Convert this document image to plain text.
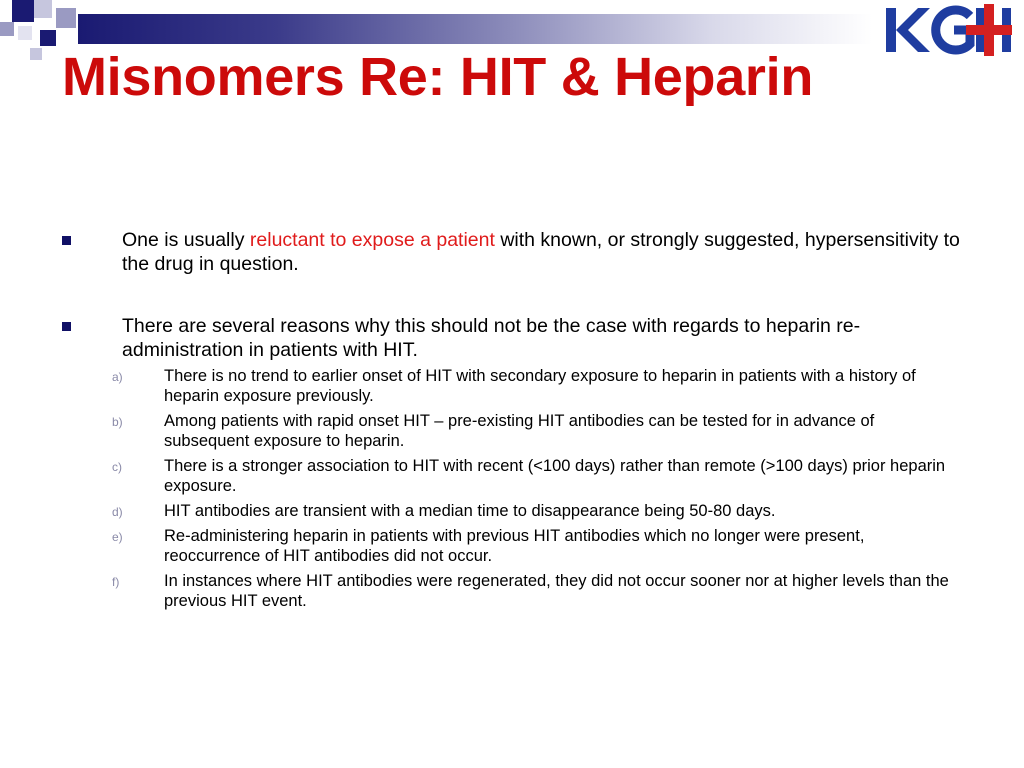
Misnomers Re: HIT & Heparin
One is usually reluctant to expose a patient with known, or strongly suggested, hypersensitivity to the drug in question.
There are several reasons why this should not be the case with regards to heparin re-administration in patients with HIT.
a)	There is no trend to earlier onset of HIT with secondary exposure to heparin in patients with a history of heparin exposure previously.
b)	Among patients with rapid onset HIT – pre-existing HIT antibodies can be tested for in advance of subsequent exposure to heparin.
c)	There is a stronger association to HIT with recent (<100 days) rather than remote (>100 days) prior heparin exposure.
d)	HIT antibodies are transient with a median time to disappearance being 50-80 days.
e)	Re-administering heparin in patients with previous HIT antibodies which no longer were present, reoccurrence of HIT antibodies did not occur.
f)	In instances where HIT antibodies were regenerated, they did not occur sooner nor at higher levels than the previous HIT event.
